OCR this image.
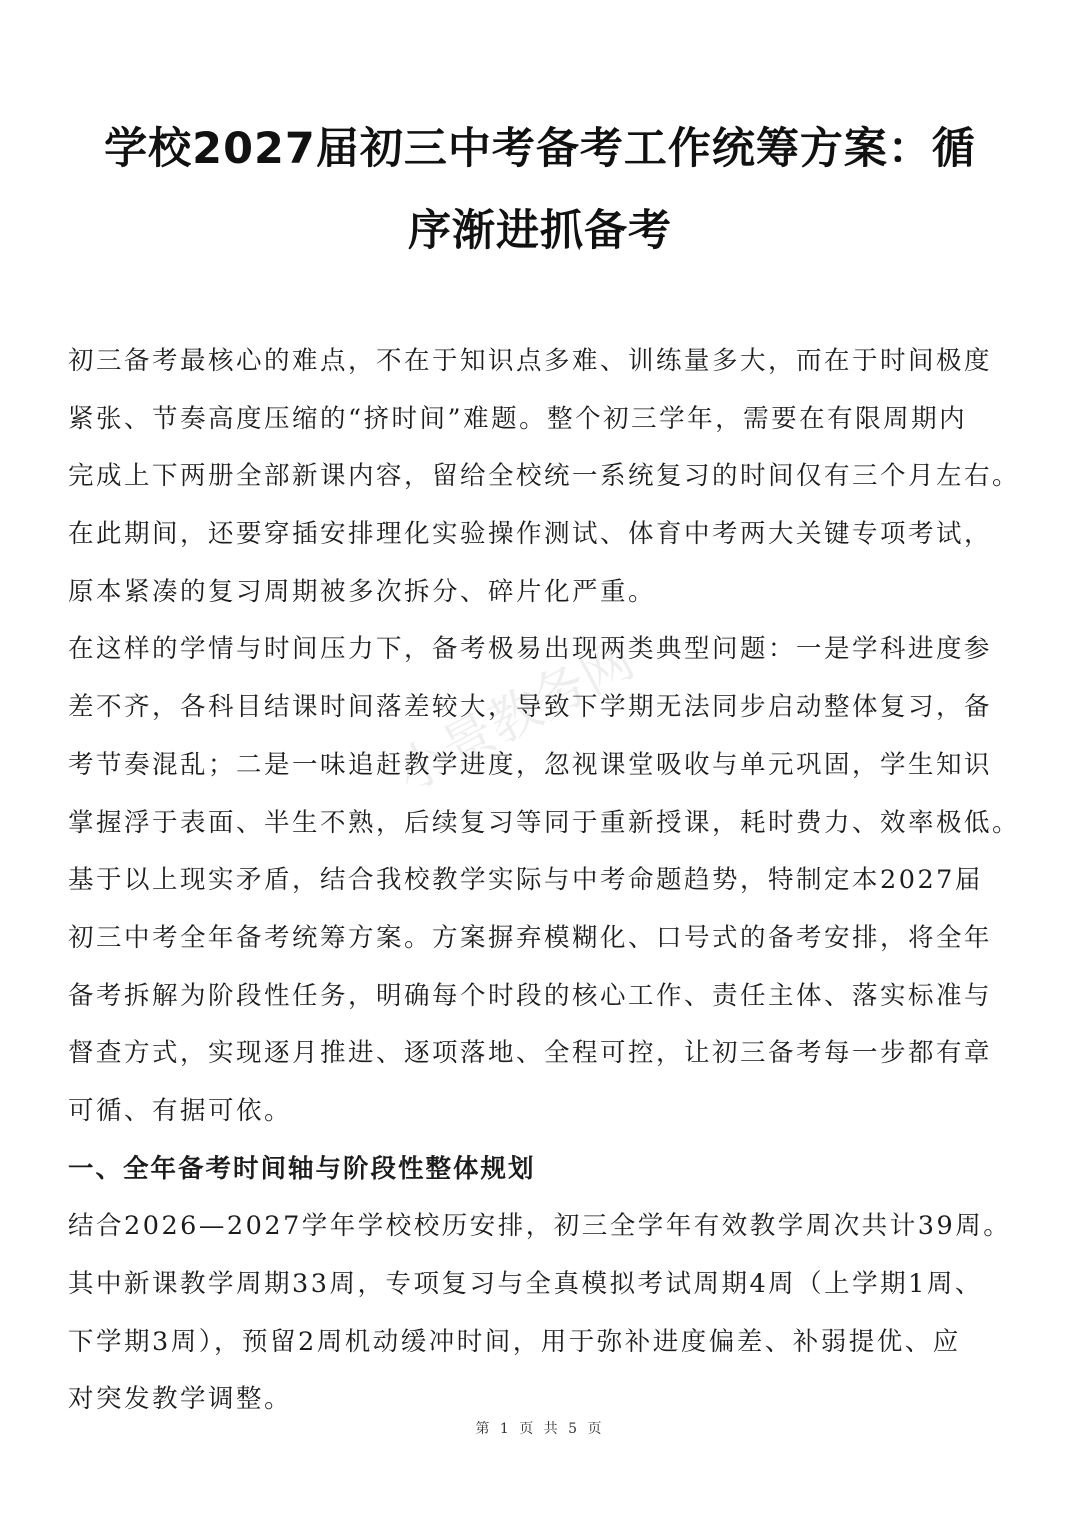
学校2027届初三中考备考工作统筹方案：循
序渐进抓备考
小景教务网
初三备考最核心的难点，不在于知识点多难、训练量多大，而在于时间极度
紧张、节奏高度压缩的“挤时间”难题。整个初三学年，需要在有限周期内
完成上下两册全部新课内容，留给全校统一系统复习的时间仅有三个月左右。
在此期间，还要穿插安排理化实验操作测试、体育中考两大关键专项考试，
原本紧凑的复习周期被多次拆分、碎片化严重。
在这样的学情与时间压力下，备考极易出现两类典型问题：一是学科进度参
差不齐，各科目结课时间落差较大，导致下学期无法同步启动整体复习，备
考节奏混乱；二是一味追赶教学进度，忽视课堂吸收与单元巩固，学生知识
掌握浮于表面、半生不熟，后续复习等同于重新授课，耗时费力、效率极低。
基于以上现实矛盾，结合我校教学实际与中考命题趋势，特制定本2027届
初三中考全年备考统筹方案。方案摒弃模糊化、口号式的备考安排，将全年
备考拆解为阶段性任务，明确每个时段的核心工作、责任主体、落实标准与
督查方式，实现逐月推进、逐项落地、全程可控，让初三备考每一步都有章
可循、有据可依。
一、全年备考时间轴与阶段性整体规划
结合2026—2027学年学校校历安排，初三全学年有效教学周次共计39周。
其中新课教学周期33周，专项复习与全真模拟考试周期4周（上学期1周、
下学期3周），预留2周机动缓冲时间，用于弥补进度偏差、补弱提优、应
对突发教学调整。
第 1 页 共 5 页
